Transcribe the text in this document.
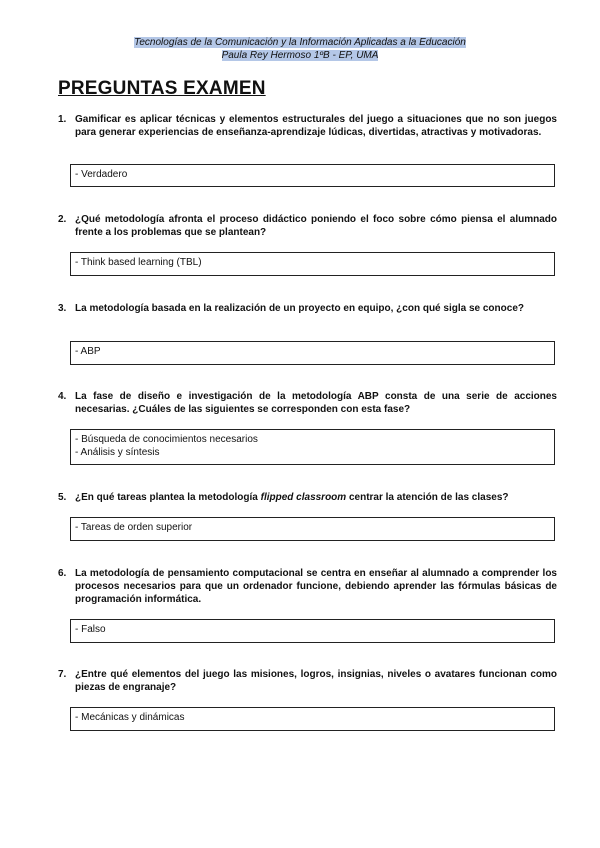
Tecnologías de la Comunicación y la Información Aplicadas a la Educación
Paula Rey Hermoso 1ºB - EP, UMA
PREGUNTAS EXAMEN
1. Gamificar es aplicar técnicas y elementos estructurales del juego a situaciones que no son juegos para generar experiencias de enseñanza-aprendizaje lúdicas, divertidas, atractivas y motivadoras.
- Verdadero
2. ¿Qué metodología afronta el proceso didáctico poniendo el foco sobre cómo piensa el alumnado frente a los problemas que se plantean?
- Think based learning (TBL)
3. La metodología basada en la realización de un proyecto en equipo, ¿con qué sigla se conoce?
- ABP
4. La fase de diseño e investigación de la metodología ABP consta de una serie de acciones necesarias. ¿Cuáles de las siguientes se corresponden con esta fase?
- Búsqueda de conocimientos necesarios
- Análisis y síntesis
5. ¿En qué tareas plantea la metodología flipped classroom centrar la atención de las clases?
- Tareas de orden superior
6. La metodología de pensamiento computacional se centra en enseñar al alumnado a comprender los procesos necesarios para que un ordenador funcione, debiendo aprender las fórmulas básicas de programación informática.
- Falso
7. ¿Entre qué elementos del juego las misiones, logros, insignias, niveles o avatares funcionan como piezas de engranaje?
- Mecánicas y dinámicas
